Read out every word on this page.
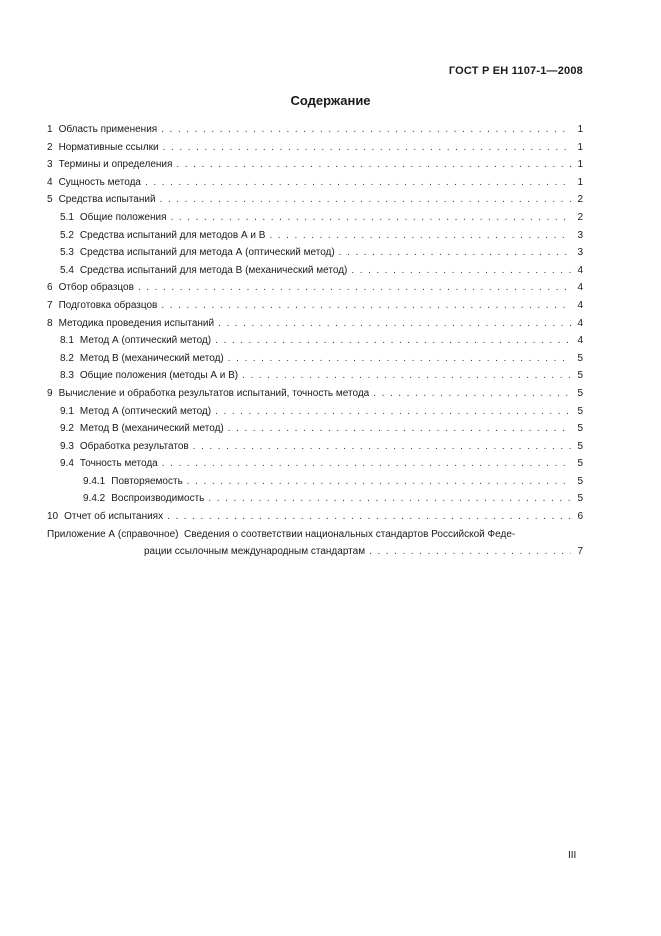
ГОСТ Р ЕН 1107-1—2008
Содержание
1 Область применения . . .	1
2 Нормативные ссылки . . .	1
3 Термины и определения . . .	1
4 Сущность метода . . .	1
5 Средства испытаний . . .	2
5.1 Общие положения . . .	2
5.2 Средства испытаний для методов А и В . . .	3
5.3 Средства испытаний для метода А (оптический метод) . . .	3
5.4 Средства испытаний для метода В (механический метод) . . .	4
6 Отбор образцов . . .	4
7 Подготовка образцов . . .	4
8 Методика проведения испытаний . . .	4
8.1 Метод А (оптический метод) . . .	4
8.2 Метод В (механический метод) . . .	5
8.3 Общие положения (методы А и В) . . .	5
9 Вычисление и обработка результатов испытаний, точность метода . . .	5
9.1 Метод А (оптический метод) . . .	5
9.2 Метод В (механический метод) . . .	5
9.3 Обработка результатов . . .	5
9.4 Точность метода . . .	5
9.4.1 Повторяемость . . .	5
9.4.2 Воспроизводимость . . .	5
10 Отчет об испытаниях . . .	6
Приложение А (справочное) Сведения о соответствии национальных стандартов Российской Феде-
рации ссылочным международным стандартам . . .	7
III
